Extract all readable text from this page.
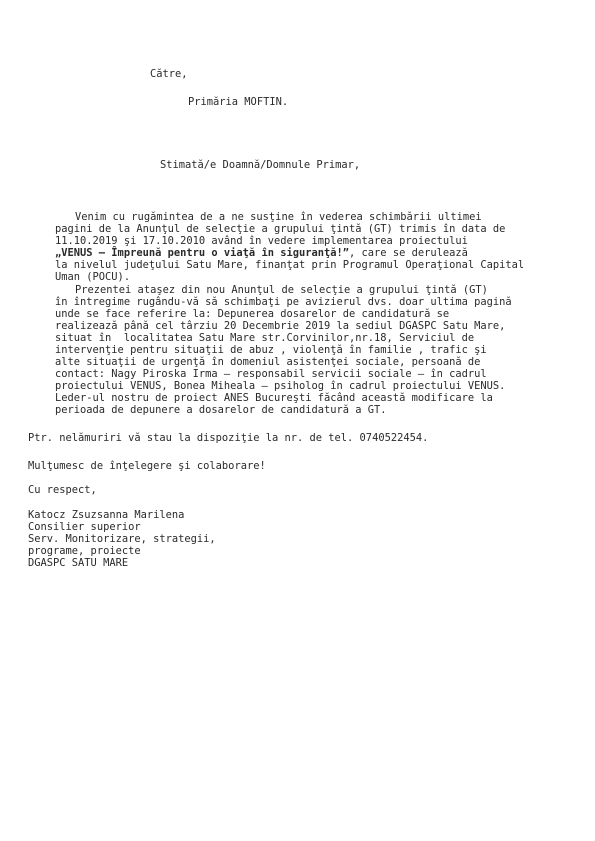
Către,
Primăria MOFTIN.
Stimată/e Doamnă/Domnule Primar,
Venim cu rugămintea de a ne susţine în vederea schimbării ultimei
pagini de la Anunţul de selecţie a grupului ţintă (GT) trimis în data de
11.10.2019 şi 17.10.2010 având în vedere implementarea proiectului
„VENUS – Împreună pentru o viaţă în siguranţă!”, care se derulează
la nivelul judeţului Satu Mare, finanţat prin Programul Operaţional Capital
Uman (POCU).
Prezentei ataşez din nou Anunţul de selecţie a grupului ţintă (GT)
în întregime rugându-vă să schimbaţi pe avizierul dvs. doar ultima pagină
unde se face referire la: Depunerea dosarelor de candidatură se
realizează până cel târziu 20 Decembrie 2019 la sediul DGASPC Satu Mare,
situat în  localitatea Satu Mare str.Corvinilor,nr.18, Serviciul de
intervenţie pentru situaţii de abuz , violenţă în familie , trafic şi
alte situaţii de urgenţă în domeniul asistenţei sociale, persoană de
contact: Nagy Piroska Irma – responsabil servicii sociale – în cadrul
proiectului VENUS, Bonea Miheala – psiholog în cadrul proiectului VENUS.
Leder-ul nostru de proiect ANES Bucureşti făcând această modificare la
perioada de depunere a dosarelor de candidatură a GT.
Ptr. nelămuriri vă stau la dispoziţie la nr. de tel. 0740522454.
Mulţumesc de înţelegere şi colaborare!
Cu respect,
Katocz Zsuzsanna Marilena
Consilier superior
Serv. Monitorizare, strategii,
programe, proiecte
DGASPC SATU MARE
